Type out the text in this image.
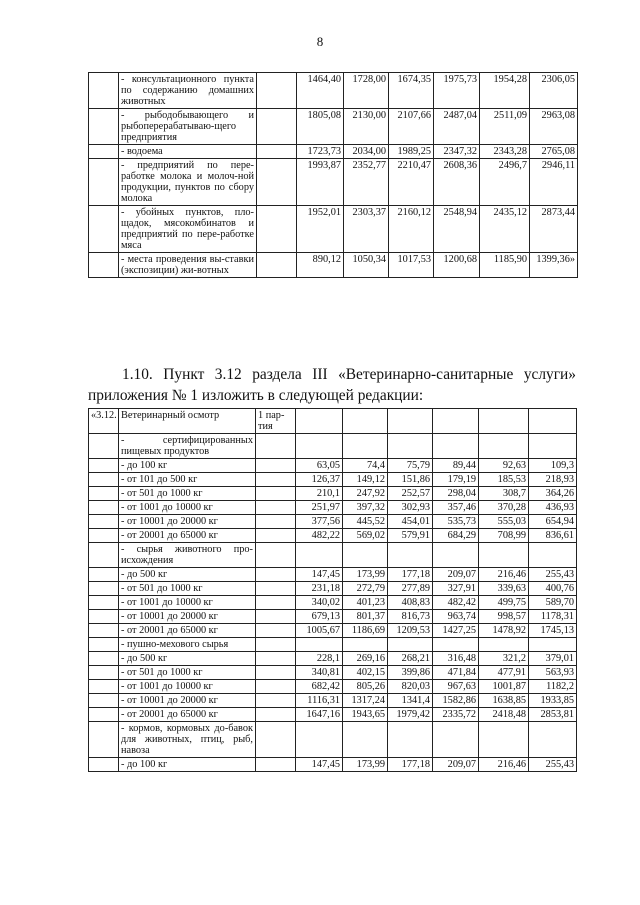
8
	- консультационного пункта по содержанию домашних животных		1464,40	1728,00	1674,35	1975,73	1954,28	2306,05
	- рыбодобывающего и рыбоперерабатываю-щего предприятия		1805,08	2130,00	2107,66	2487,04	2511,09	2963,08
	- водоема		1723,73	2034,00	1989,25	2347,32	2343,28	2765,08
	- предприятий по пере-работке молока и молоч-ной продукции, пунктов по сбору молока		1993,87	2352,77	2210,47	2608,36	2496,7	2946,11
	- убойных пунктов, пло-щадок, мясокомбинатов и предприятий по пере-работке мяса		1952,01	2303,37	2160,12	2548,94	2435,12	2873,44
	- места проведения вы-ставки (экспозиции) жи-вотных		890,12	1050,34	1017,53	1200,68	1185,90	1399,36»

1.10. Пункт 3.12 раздела III «Ветеринарно-санитарные услуги» приложения № 1 изложить в следующей редакции:

«3.12.	Ветеринарный осмотр	1 пар-тия						
	- сертифицированных пищевых продуктов							
	- до 100 кг		63,05	74,4	75,79	89,44	92,63	109,3
	- от 101 до 500 кг		126,37	149,12	151,86	179,19	185,53	218,93
	- от 501 до 1000 кг		210,1	247,92	252,57	298,04	308,7	364,26
	- от 1001 до 10000 кг		251,97	397,32	302,93	357,46	370,28	436,93
	- от 10001 до 20000 кг		377,56	445,52	454,01	535,73	555,03	654,94
	- от 20001 до 65000 кг		482,22	569,02	579,91	684,29	708,99	836,61
	- сырья животного про-исхождения							
	- до 500 кг		147,45	173,99	177,18	209,07	216,46	255,43
	- от 501 до 1000 кг		231,18	272,79	277,89	327,91	339,63	400,76
	- от 1001 до 10000 кг		340,02	401,23	408,83	482,42	499,75	589,70
	- от 10001 до 20000 кг		679,13	801,37	816,73	963,74	998,57	1178,31
	- от 20001 до 65000 кг		1005,67	1186,69	1209,53	1427,25	1478,92	1745,13
	- пушно-мехового сырья							
	- до 500 кг		228,1	269,16	268,21	316,48	321,2	379,01
	- от 501 до 1000 кг		340,81	402,15	399,86	471,84	477,91	563,93
	- от 1001 до 10000 кг		682,42	805,26	820,03	967,63	1001,87	1182,2
	- от 10001 до 20000 кг		1116,31	1317,24	1341,4	1582,86	1638,85	1933,85
	- от 20001 до 65000 кг		1647,16	1943,65	1979,42	2335,72	2418,48	2853,81
	- кормов, кормовых до-бавок для животных, птиц, рыб, навоза							
	- до 100 кг		147,45	173,99	177,18	209,07	216,46	255,43
